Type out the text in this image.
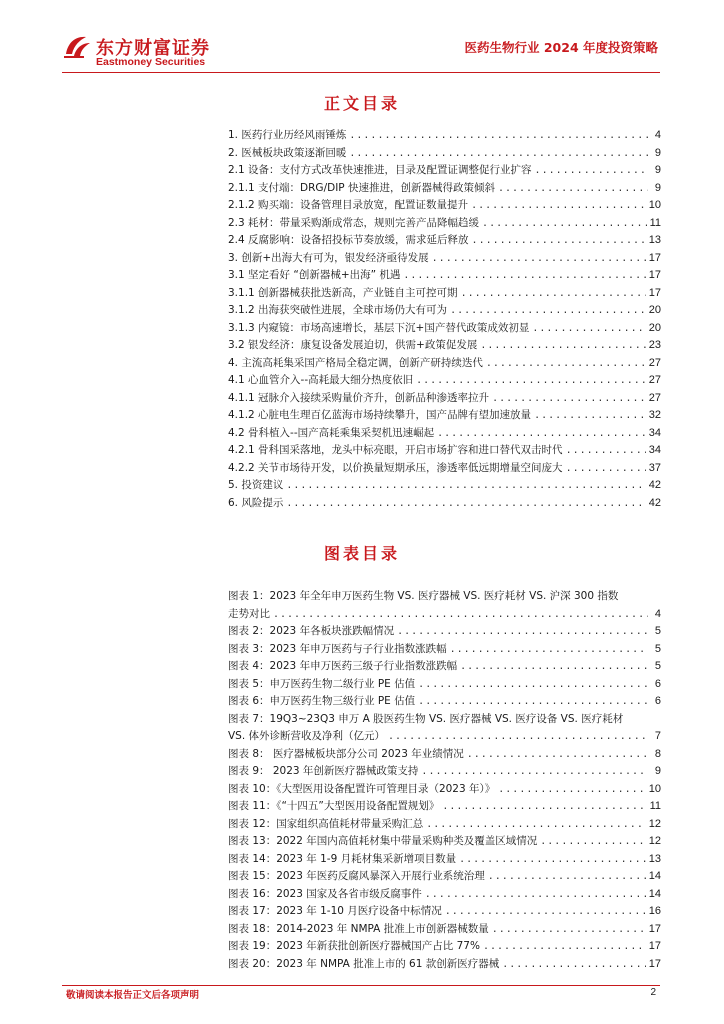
东方财富证券
Eastmoney Securities
医药生物行业 2024 年度投资策略
正文目录
1. 医药行业历经风雨锤炼 .....	4
2. 医械板块政策逐渐回暖 .....	9
2.1 设备：支付方式改革快速推进，目录及配置证调整促行业扩容 .....	9
2.1.1 支付端：DRG/DIP 快速推进，创新器械得政策倾斜 .....	9
2.1.2 购买端：设备管理目录放宽，配置证数量提升 .....	10
2.3 耗材：带量采购渐成常态，规则完善产品降幅趋缓 .....	11
2.4 反腐影响：设备招投标节奏放缓，需求延后释放 .....	13
3. 创新+出海大有可为，银发经济亟待发展 .....	17
3.1 坚定看好 “创新器械+出海” 机遇 .....	17
3.1.1 创新器械获批迭新高，产业链自主可控可期 .....	17
3.1.2 出海获突破性进展，全球市场仍大有可为 .....	20
3.1.3 内窥镜：市场高速增长，基层下沉+国产替代政策成效初显 .....	20
3.2 银发经济：康复设备发展迫切，供需+政策促发展 .....	23
4. 主流高耗集采国产格局全稳定调，创新产研持续迭代 .....	27
4.1 心血管介入--高耗最大细分热度依旧 .....	27
4.1.1 冠脉介入接续采购量价齐升，创新品种渗透率拉升 .....	27
4.1.2 心脏电生理百亿蓝海市场持续攀升，国产品牌有望加速放量 .....	32
4.2 骨科植入--国产高耗乘集采契机迅速崛起 .....	34
4.2.1 骨科国采落地，龙头中标亮眼，开启市场扩容和进口替代双击时代 .....	34
4.2.2 关节市场待开发，以价换量短期承压，渗透率低远期增量空间庞大 .....	37
5. 投资建议 .....	42
6. 风险提示 .....	42
图表目录
图表 1：2023 年全年申万医药生物 VS. 医疗器械 VS. 医疗耗材 VS. 沪深 300 指数
走势对比 .....	4
图表 2：2023 年各板块涨跌幅情况 .....	5
图表 3：2023 年申万医药与子行业指数涨跌幅 .....	5
图表 4：2023 年申万医药三级子行业指数涨跌幅 .....	5
图表 5：申万医药生物二级行业 PE 估值 .....	6
图表 6：申万医药生物三级行业 PE 估值 .....	6
图表 7：19Q3~23Q3 申万 A 股医药生物 VS. 医疗器械 VS. 医疗设备 VS. 医疗耗材
VS. 体外诊断营收及净利（亿元） .....	7
图表 8： 医疗器械板块部分公司 2023 年业绩情况 .....	8
图表 9： 2023 年创新医疗器械政策支持 .....	9
图表 10：《大型医用设备配置许可管理目录（2023 年）》 .....	10
图表 11：《“十四五”大型医用设备配置规划》 .....	11
图表 12：国家组织高值耗材带量采购汇总 .....	12
图表 13：2022 年国内高值耗材集中带量采购种类及覆盖区域情况 .....	12
图表 14：2023 年 1-9 月耗材集采新增项目数量 .....	13
图表 15：2023 年医药反腐风暴深入开展行业系统治理 .....	14
图表 16：2023 国家及各省市级反腐事件 .....	14
图表 17：2023 年 1-10 月医疗设备中标情况 .....	16
图表 18：2014-2023 年 NMPA 批准上市创新器械数量 .....	17
图表 19：2023 年新获批创新医疗器械国产占比 77% .....	17
图表 20：2023 年 NMPA 批准上市的 61 款创新医疗器械 .....	17
敬请阅读本报告正文后各项声明	2
